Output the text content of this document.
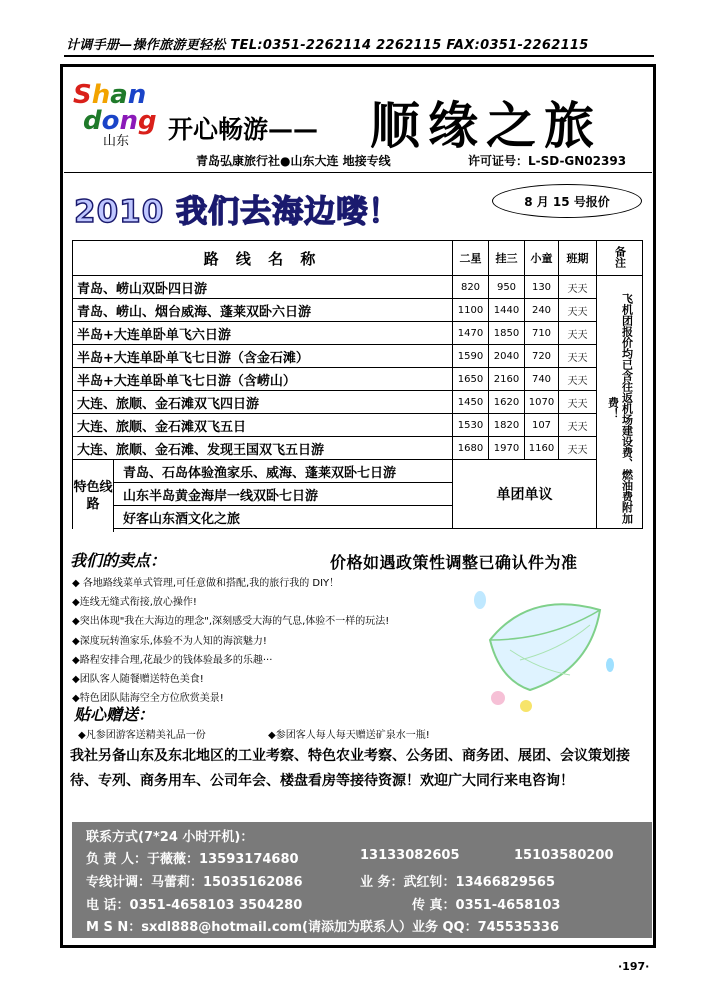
计调手册—操作旅游更轻松 TEL:0351-2262114 2262115 FAX:0351-2262115
Shan
dong
山东	开心畅游—— 顺缘之旅
青岛弘康旅行社●山东大连 地接专线	许可证号：L-SD-GN02393
2010 我们去海边喽！	8 月 15 号报价
路 线 名 称	二星	挂三	小童	班期	备注
青岛、崂山双卧四日游	820	950	130	天天	飞机团报价均已含往返机场建设费、燃油费附加费！
青岛、崂山、烟台威海、蓬莱双卧六日游	1100	1440	240	天天	
半岛+大连单卧单飞六日游	1470	1850	710	天天	
半岛+大连单卧单飞七日游（含金石滩）	1590	2040	720	天天	
半岛+大连单卧单飞七日游（含崂山）	1650	2160	740	天天	
大连、旅顺、金石滩双飞四日游	1450	1620	1070	天天	
大连、旅顺、金石滩双飞五日	1530	1820	107	天天	
大连、旅顺、金石滩、发现王国双飞五日游	1680	1970	1160	天天	
青岛、石岛体验渔家乐、威海、蓬莱双卧七日游
特色线路	单团单议				
山东半岛黄金海岸一线双卧七日游					
好客山东酒文化之旅					
我们的卖点：	价格如遇政策性调整已确认件为准
◆ 各地路线菜单式管理,可任意做和搭配,我的旅行我的 DIY！
◆连线无缝式衔接,放心操作!
◆突出体现"我在大海边的理念",深刻感受大海的气息,体验不一样的玩法!
◆深度玩转渔家乐,体验不为人知的海滨魅力!
◆路程安排合理,花最少的钱体验最多的乐趣···
◆团队客人随餐赠送特色美食!
◆特色团队陆海空全方位欣赏美景!
贴心赠送：
◆凡参团游客送精美礼品一份	◆参团客人每人每天赠送矿泉水一瓶!
我社另备山东及东北地区的工业考察、特色农业考察、公务团、商务团、展团、会议策划接待、专列、商务用车、公司年会、楼盘看房等接待资源！欢迎广大同行来电咨询！
联系方式(7*24 小时开机)：
负 责 人：于薇薇：13593174680	13133082605	15103580200
专线计调：马蕾莉：15035162086	业 务：武红钊：13466829565
电 话：0351-4658103 3504280	传 真：0351-4658103
M S N：sxdl888@hotmail.com(请添加为联系人）业务 QQ：745535336
·197·
